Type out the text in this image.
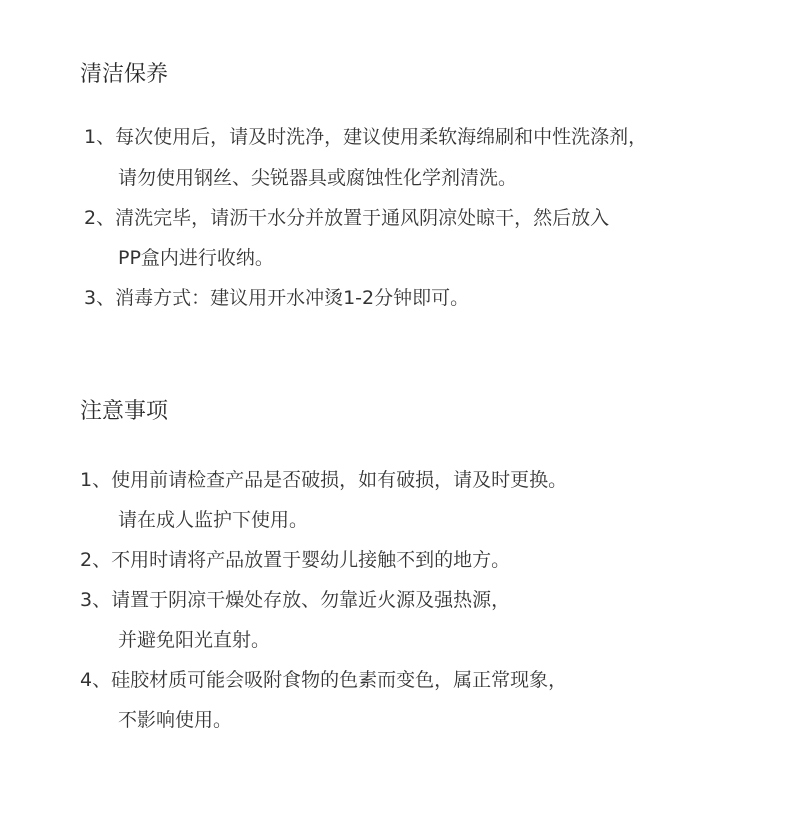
清洁保养

1、每次使用后，请及时洗净，建议使用柔软海绵刷和中性洗涤剂，

请勿使用钢丝、尖锐器具或腐蚀性化学剂清洗。

2、清洗完毕，请沥干水分并放置于通风阴凉处晾干，然后放入

PP盒内进行收纳。

3、消毒方式：建议用开水冲烫1-2分钟即可。

注意事项

1、使用前请检查产品是否破损，如有破损，请及时更换。

请在成人监护下使用。

2、不用时请将产品放置于婴幼儿接触不到的地方。

3、请置于阴凉干燥处存放、勿靠近火源及强热源，

并避免阳光直射。

4、硅胶材质可能会吸附食物的色素而变色，属正常现象，

不影响使用。
